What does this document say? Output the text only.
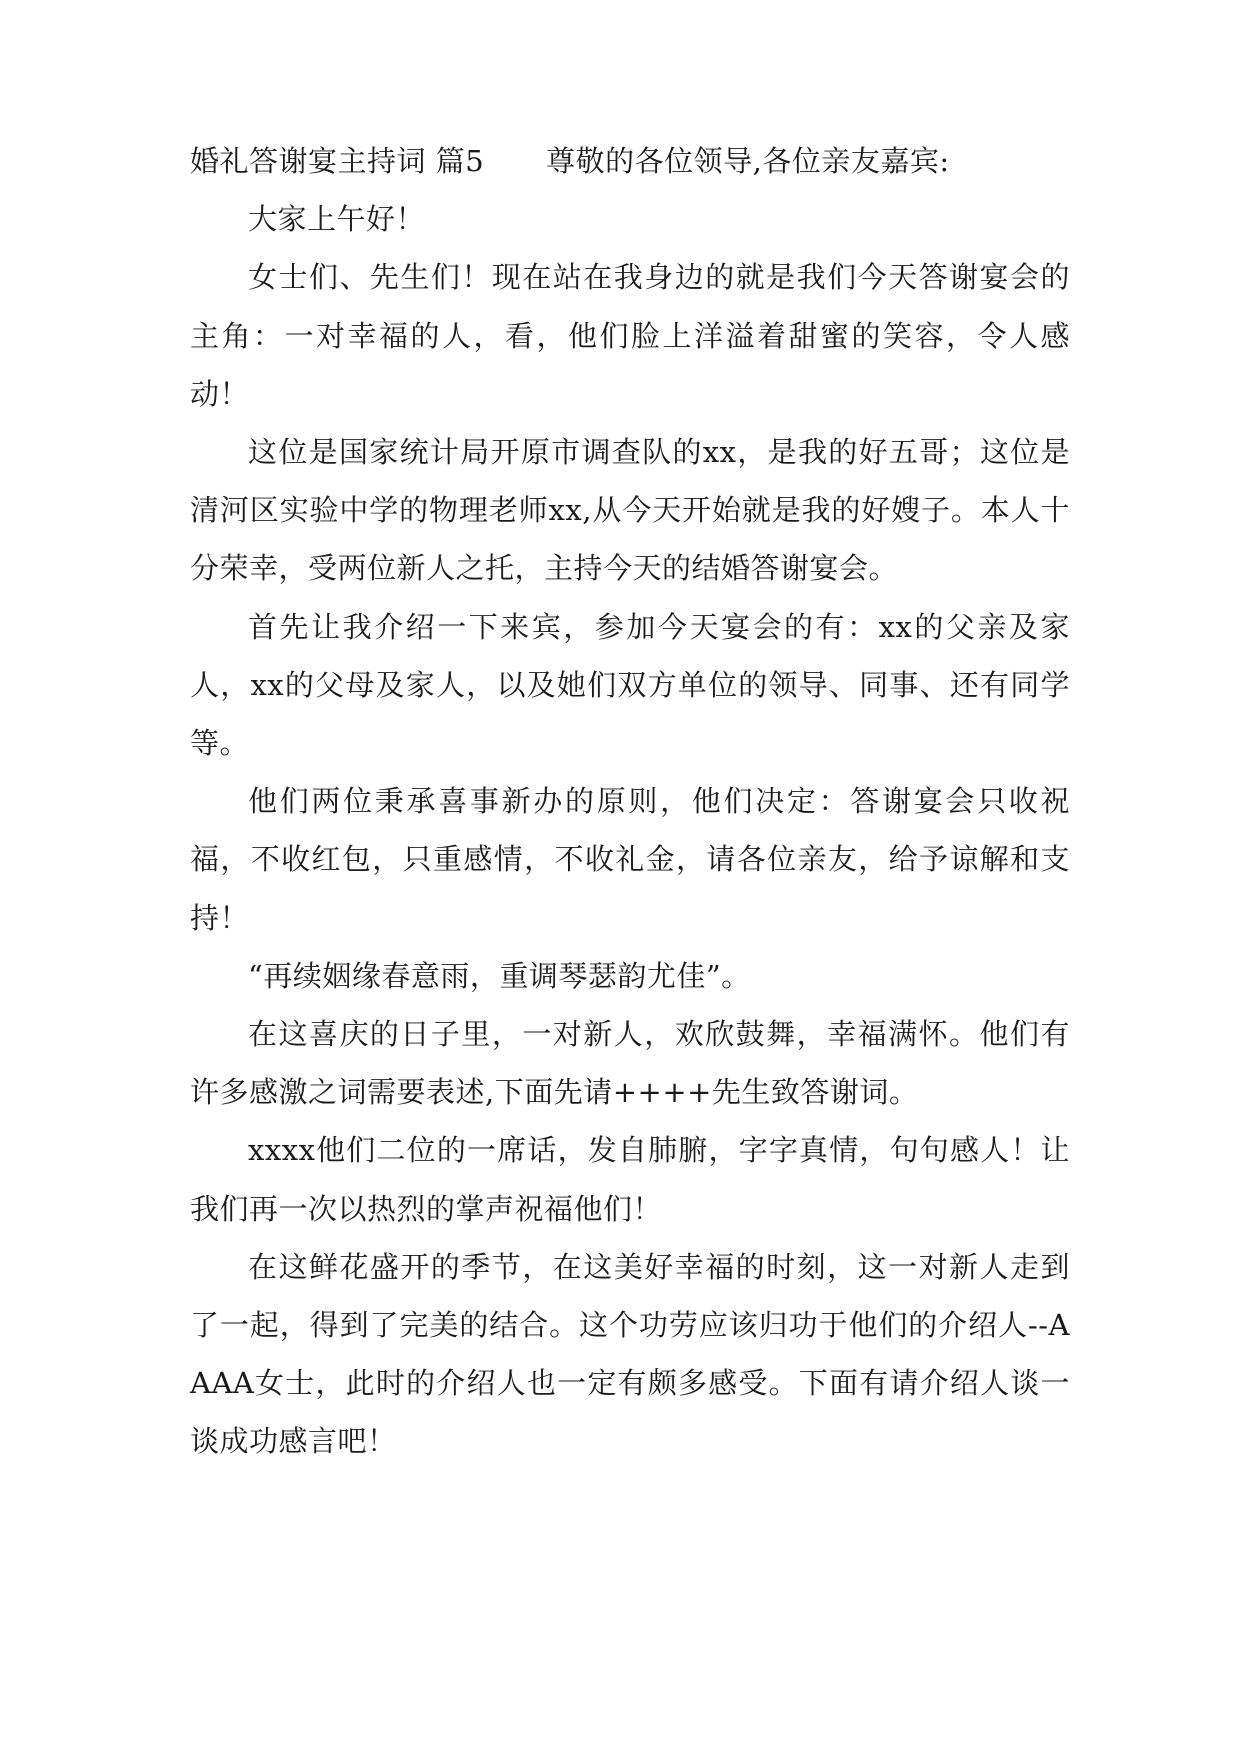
婚礼答谢宴主持词 篇5 尊敬的各位领导,各位亲友嘉宾:

大家上午好！

女士们、先生们！现在站在我身边的就是我们今天答谢宴会的主角：一对幸福的人，看，他们脸上洋溢着甜蜜的笑容，令人感动！

这位是国家统计局开原市调查队的xx，是我的好五哥；这位是清河区实验中学的物理老师xx,从今天开始就是我的好嫂子。本人十分荣幸，受两位新人之托，主持今天的结婚答谢宴会。

首先让我介绍一下来宾，参加今天宴会的有：xx的父亲及家人，xx的父母及家人，以及她们双方单位的领导、同事、还有同学等。

他们两位秉承喜事新办的原则，他们决定：答谢宴会只收祝福，不收红包，只重感情，不收礼金，请各位亲友，给予谅解和支持！

“再续姻缘春意雨，重调琴瑟韵尤佳”。

在这喜庆的日子里，一对新人，欢欣鼓舞，幸福满怀。他们有许多感激之词需要表述,下面先请++++先生致答谢词。

xxxx他们二位的一席话，发自肺腑，字字真情，句句感人！让我们再一次以热烈的掌声祝福他们！

在这鲜花盛开的季节，在这美好幸福的时刻，这一对新人走到了一起，得到了完美的结合。这个功劳应该归功于他们的介绍人--AAAA女士，此时的介绍人也一定有颇多感受。下面有请介绍人谈一谈成功感言吧！
